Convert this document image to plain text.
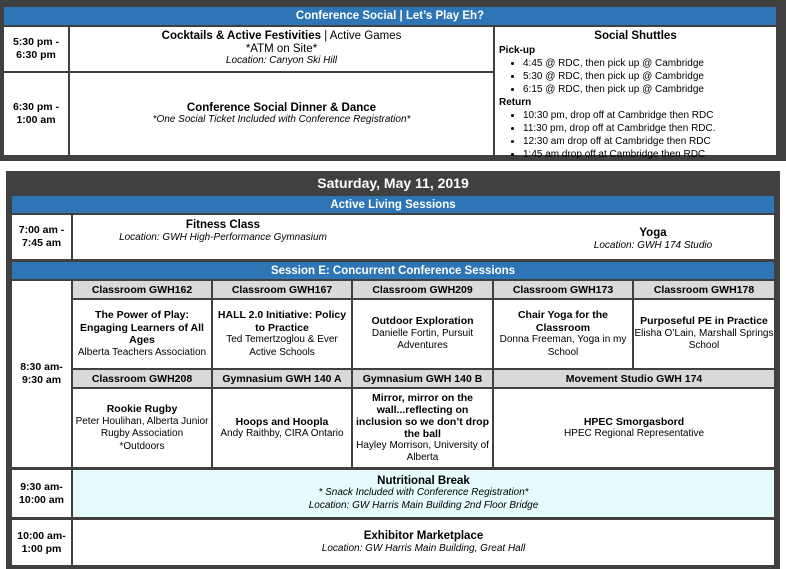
Conference Social | Let’s Play Eh?
5:30 pm -
6:30 pm
Cocktails & Active Festivities | Active Games
*ATM on Site*
Location: Canyon Ski Hill
6:30 pm -
1:00 am
Conference Social Dinner & Dance
*One Social Ticket Included with Conference Registration*
Social Shuttles
Pick-up
• 4:45 @ RDC, then pick up @ Cambridge
• 5:30 @ RDC, then pick up @ Cambridge
• 6:15 @ RDC, then pick up @ Cambridge
Return
• 10:30 pm, drop off at Cambridge then RDC
• 11:30 pm, drop off at Cambridge then RDC.
• 12:30 am drop off at Cambridge then RDC
• 1:45 am drop off at Cambridge then RDC
Saturday, May 11, 2019
Active Living Sessions
7:00 am -
7:45 am
Fitness Class
Location: GWH High-Performance Gymnasium	Yoga
Location: GWH 174 Studio
Session E: Concurrent Conference Sessions
8:30 am-
9:30 am
Classroom GWH162	Classroom GWH167	Classroom GWH209	Classroom GWH173	Classroom GWH178
The Power of Play: Engaging Learners of All Ages
Alberta Teachers Association
HALL 2.0 Initiative: Policy to Practice
Ted Temertzoglou & Ever Active Schools
Outdoor Exploration
Danielle Fortin, Pursuit Adventures
Chair Yoga for the Classroom
Donna Freeman, Yoga in my School
Purposeful PE in Practice
Elisha O’Lain, Marshall Springs School
Classroom GWH208	Gymnasium GWH 140 A	Gymnasium GWH 140 B	Movement Studio GWH 174
Rookie Rugby
Peter Houlihan, Alberta Junior Rugby Association
*Outdoors
Hoops and Hoopla
Andy Raithby, CIRA Ontario
Mirror, mirror on the wall...reflecting on inclusion so we don’t drop the ball
Hayley Morrison, University of Alberta
HPEC Smorgasbord
HPEC Regional Representative
9:30 am-
10:00 am
Nutritional Break
* Snack Included with Conference Registration*
Location: GW Harris Main Building 2nd Floor Bridge
10:00 am-
1:00 pm
Exhibitor Marketplace
Location: GW Harris Main Building, Great Hall
